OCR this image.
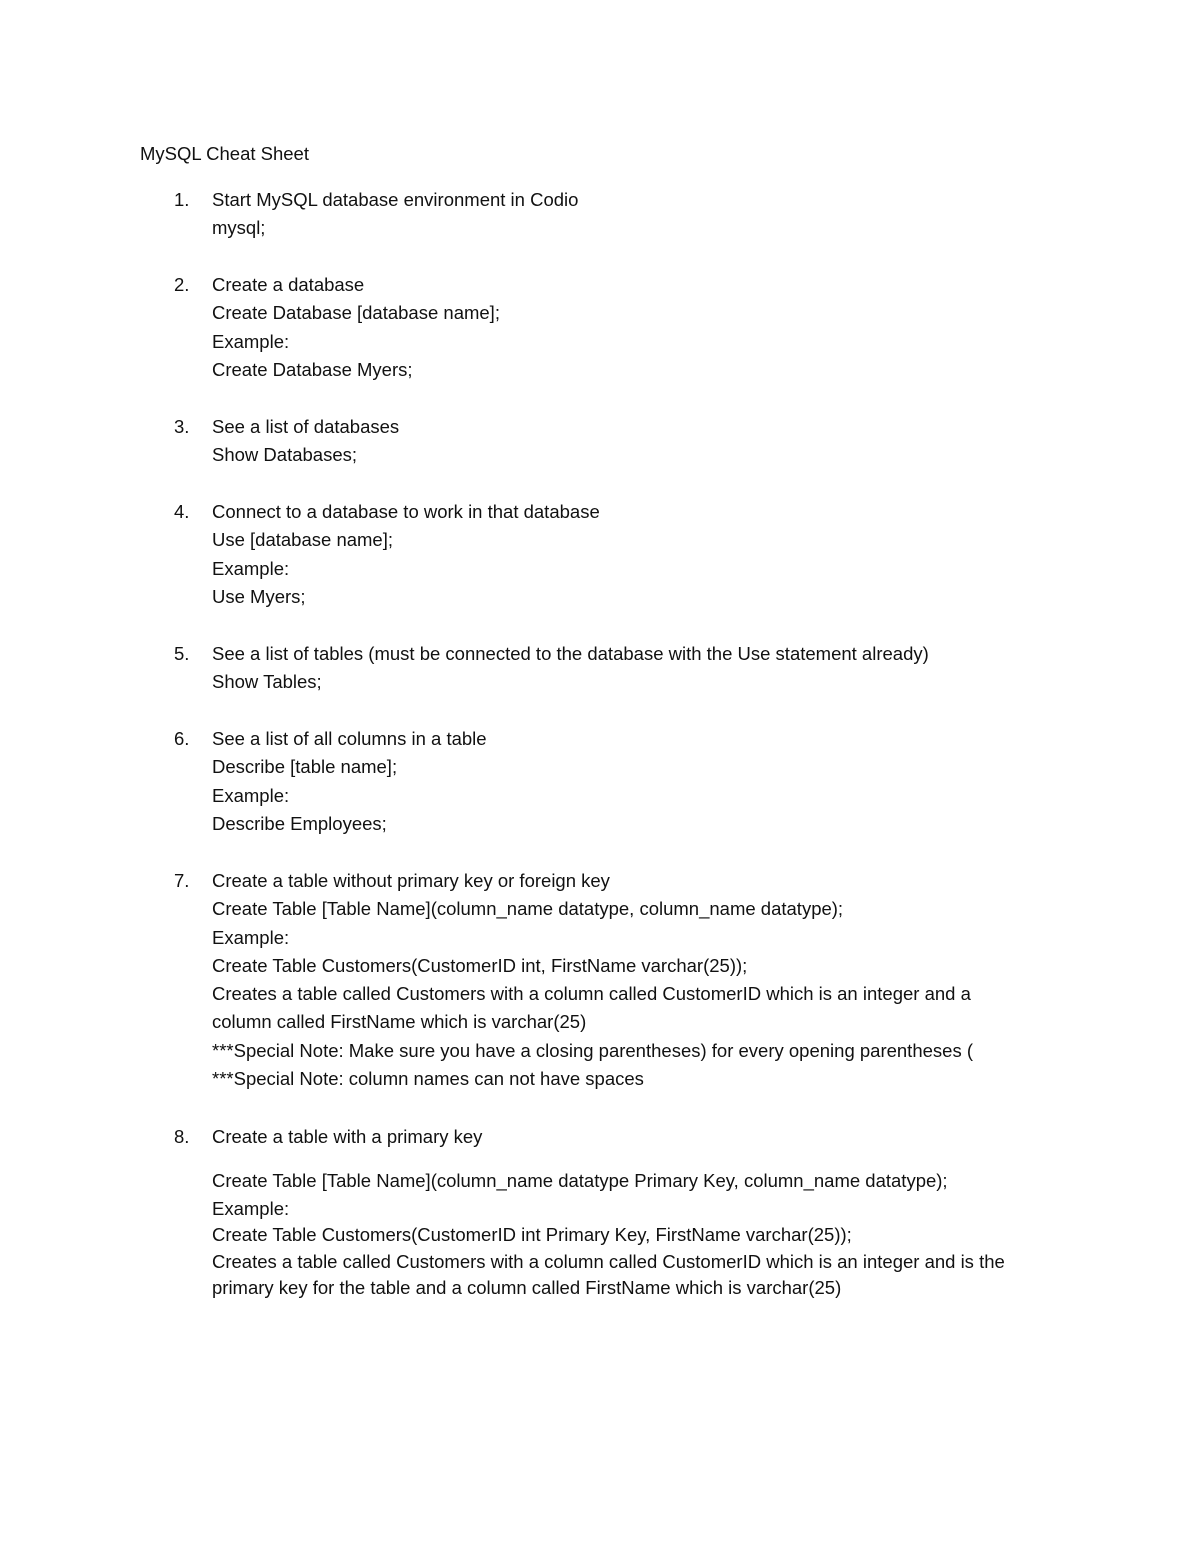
MySQL Cheat Sheet
1. Start MySQL database environment in Codio
mysql;
2. Create a database
Create Database [database name];
Example:
Create Database Myers;
3. See a list of databases
Show Databases;
4. Connect to a database to work in that database
Use [database name];
Example:
Use Myers;
5. See a list of tables (must be connected to the database with the Use statement already)
Show Tables;
6. See a list of all columns in a table
Describe [table name];
Example:
Describe Employees;
7. Create a table without primary key or foreign key
Create Table [Table Name](column_name datatype, column_name datatype);
Example:
Create Table Customers(CustomerID int, FirstName varchar(25));
Creates a table called Customers with a column called CustomerID which is an integer and a
column called FirstName which is varchar(25)
***Special Note: Make sure you have a closing parentheses) for every opening parentheses (
***Special Note: column names can not have spaces
8. Create a table with a primary key
Create Table [Table Name](column_name datatype Primary Key, column_name datatype);
Example:
Create Table Customers(CustomerID int Primary Key, FirstName varchar(25));
Creates a table called Customers with a column called CustomerID which is an integer and is the
primary key for the table and a column called FirstName which is varchar(25)
